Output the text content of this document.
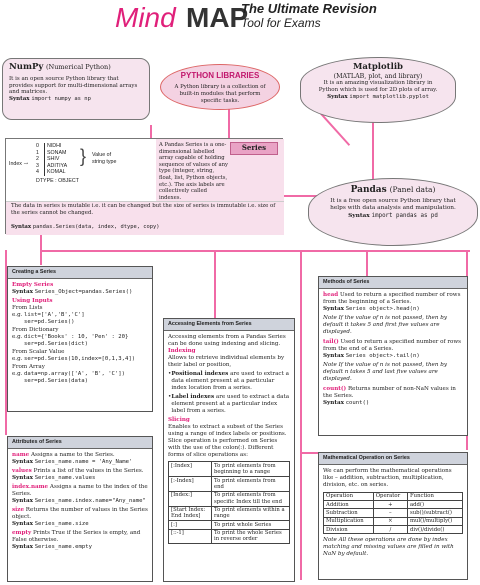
Mind MAP
The Ultimate Revision
Tool for Exams
NumPy (Numerical Python)
It is an open source Python library that provides support for multi-dimensional arrays and matrices.
Syntax import numpy as np
PYTHON LIBRARIES
A Python library is a collection of built-in modules that perform specific tasks.
Matplotlib
(MATLAB, plot, and library)
It is an amazing visualization library in Python which is used for 2D plots of array.
Syntax import matplotlib.pyplot
Series
Index →
0	NIDHI
1	SONAM
2	SHIV
3	ADITIYA
4	KOMAL
DTYPE : OBJECT
} Value of
string type
A Pandas Series is a one-dimensional labelled array capable of holding sequence of values of any type (integer, string, float, list, Python objects, etc.). The axis labels are collectively called indexes.
The data in series is mutable i.e. it can be changed but the size of series is immutable i.e. size of the series cannot be changed.
Syntax pandas.Series(data, index, dtype, copy)
Pandas (Panel data)
It is a free open source Python library that helps with data analysis and manipulation.
Syntax import pandas as pd
Creating a Series
Empty Series
Syntax Series_Object=pandas.Series()
Using Inputs
From Lists
e.g. list=['A','B','C']
ser=pd.Series()
From Dictionary
e.g. dict={'Books' : 10, 'Pen' : 20}
ser=pd.Series(dict)
From Scalar Value
e.g. ser=pd.Series(10,index=[0,1,3,4])
From Array
e.g. data=np.array(['A', 'B', 'C'])
ser=pd.Series(data)
Attributes of Series
name Assigns a name to the Series.
Syntax Series_name.name = 'Any_Name'
values Prints a list of the values in the Series.
Syntax Series_name.values
index.name Assigns a name to the index of the Series.
Syntax Series_name.index.name="Any_name"
size Returns the number of values in the Series object.
Syntax Series_name.size
empty Prints True if the Series is empty, and False otherwise.
Syntax Series_name.empty
Accessing Elements from Series
Accessing elements from a Pandas Series can be done using indexing and slicing.
Indexing
Allows to retrieve individual elements by their label or position,
• Positional indexes are used to extract a data element present at a particular index location from a series.
• Label indexes are used to extract a data element present at a particular index label from a series.
Slicing
Enables to extract a subset of the Series using a range of index labels or positions. Slice operation is performed on Series with the use of the colon(:). Different forms of slice operations as:
[:Index]	To print elements from beginning to a range
[:-Index]	To print elements from end
[Index:]	To print elements from specific Index till the end
[Start Index: End Index]	To print elements within a range
[:]	To print whole Series
[::-1]	To print the whole Series in reverse order
Methods of Series
head Used to return a specified number of rows from the beginning of a Series.
Syntax Series object>.head(n)
Note If the value of n is not passed, then by default it takes 5 and first five values are displayed.
tail() Used to return a specified number of rows from the end of a Series.
Syntax Series object>.tail(n)
Note If the value of n is not passed, then by default n takes 5 and last five values are displayed.
count() Returns number of non-NaN values in the Series.
Syntax count()
Mathematical Operation on Series
We can perform the mathematical operations like – addition, subtraction, multiplication, division, etc. on series.
Operation	Operator	Function
Addition	+	add()
Subtraction	–	sub()/subtract()
Multiplication	×	mul()/multiply()
Division	/	div()/divide()
Note All these operations are done by index matching and missing values are filled in with NaN by default.
